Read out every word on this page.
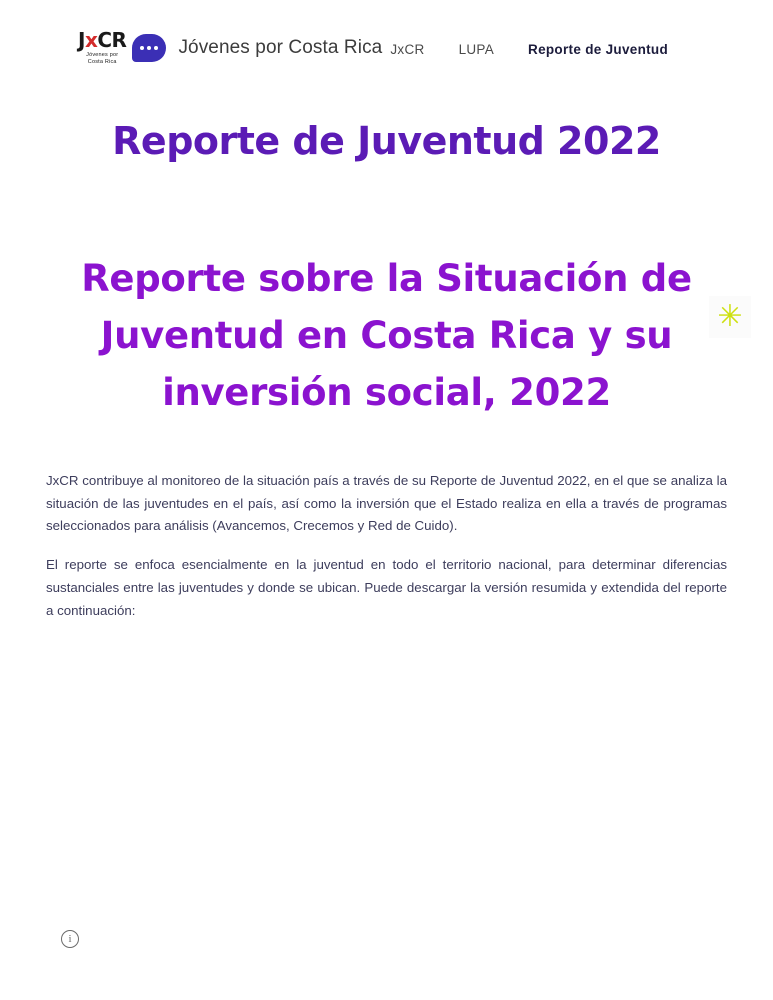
JxCR
Jóvenes por
Costa Rica
Jóvenes por Costa Rica JxCR	LUPA	Reporte de Juventud
Reporte de Juventud 2022
Reporte sobre la Situación de Juventud en Costa Rica y su inversión social, 2022
✳

JxCR contribuye al monitoreo de la situación país a través de su Reporte de Juventud 2022, en el que se analiza la situación de las juventudes en el país, así como la inversión que el Estado realiza en ella a través de programas seleccionados para análisis (Avancemos, Crecemos y Red de Cuido).

El reporte se enfoca esencialmente en la juventud en todo el territorio nacional, para determinar diferencias sustanciales entre las juventudes y donde se ubican. Puede descargar la versión resumida y extendida del reporte a continuación:

i
